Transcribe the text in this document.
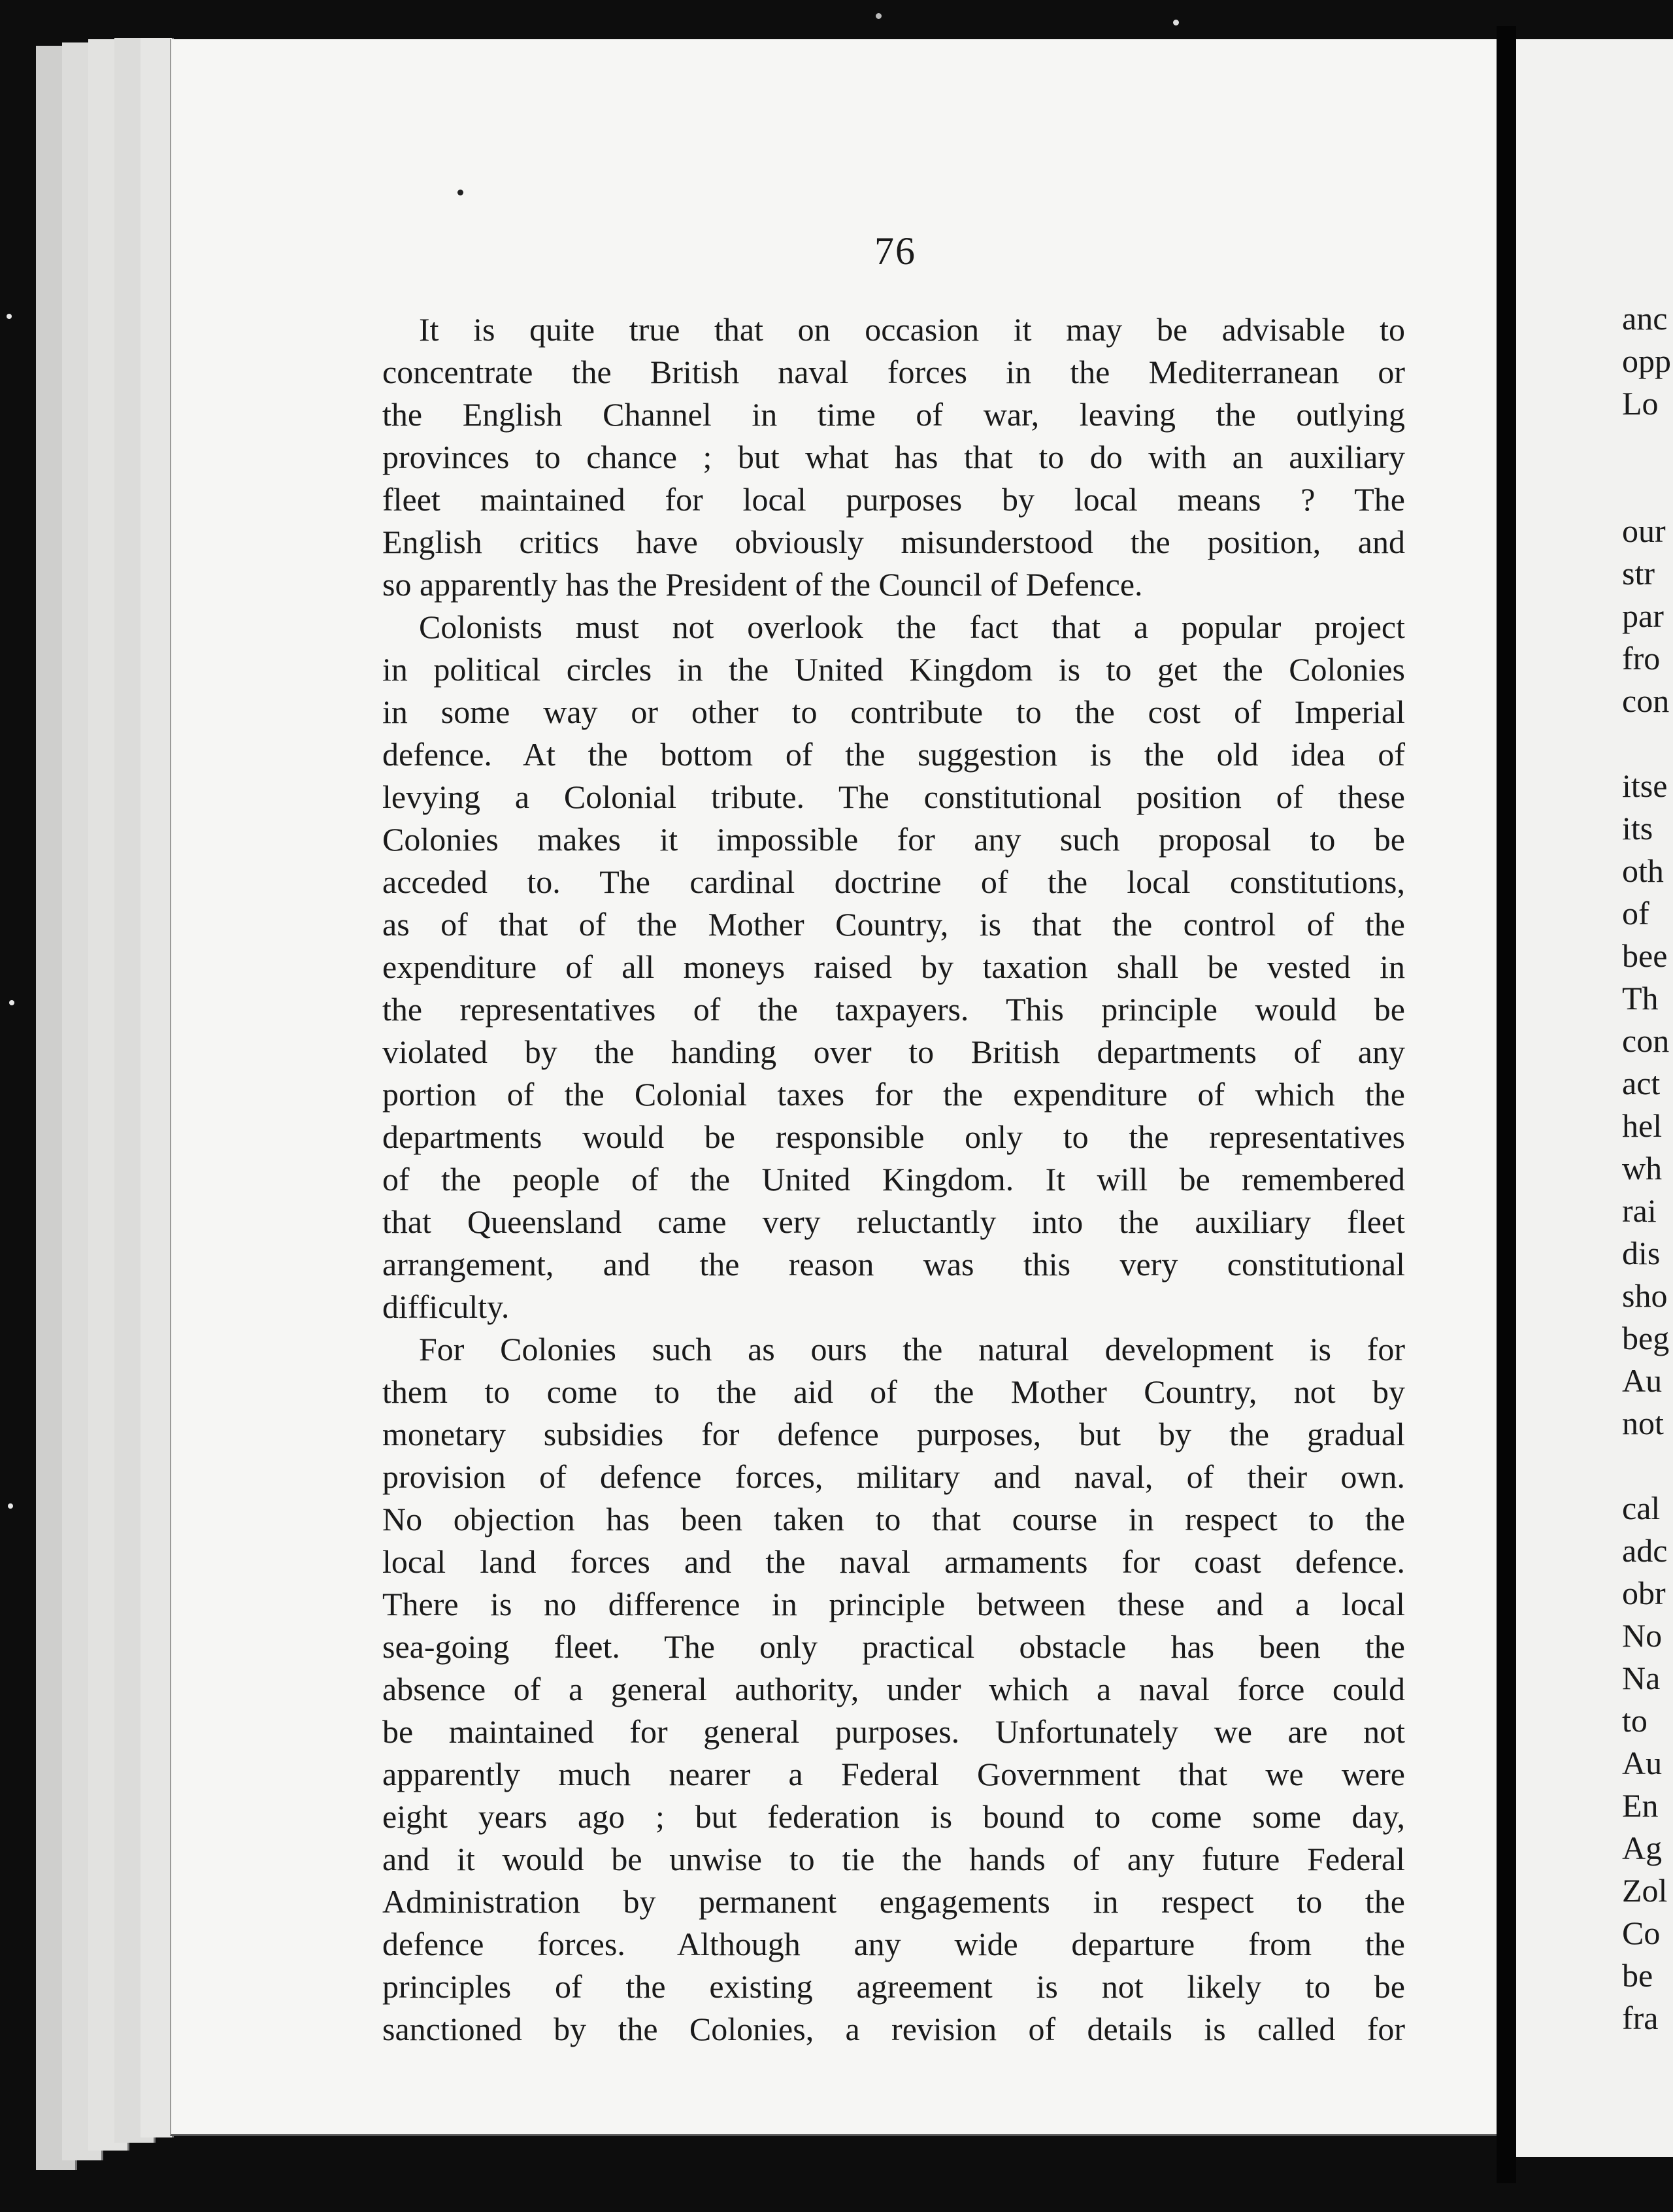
76
It is quite true that on occasion it may be advisable to
concentrate the British naval forces in the Mediterranean or
the English Channel in time of war, leaving the outlying
provinces to chance ; but what has that to do with an auxiliary
fleet maintained for local purposes by local means ? The
English critics have obviously misunderstood the position, and
so apparently has the President of the Council of Defence.
Colonists must not overlook the fact that a popular project
in political circles in the United Kingdom is to get the Colonies
in some way or other to contribute to the cost of Imperial
defence. At the bottom of the suggestion is the old idea of
levying a Colonial tribute. The constitutional position of these
Colonies makes it impossible for any such proposal to be
acceded to. The cardinal doctrine of the local constitutions,
as of that of the Mother Country, is that the control of the
expenditure of all moneys raised by taxation shall be vested in
the representatives of the taxpayers. This principle would be
violated by the handing over to British departments of any
portion of the Colonial taxes for the expenditure of which the
departments would be responsible only to the representatives
of the people of the United Kingdom. It will be remembered
that Queensland came very reluctantly into the auxiliary fleet
arrangement, and the reason was this very constitutional
difficulty.
For Colonies such as ours the natural development is for
them to come to the aid of the Mother Country, not by
monetary subsidies for defence purposes, but by the gradual
provision of defence forces, military and naval, of their own.
No objection has been taken to that course in respect to the
local land forces and the naval armaments for coast defence.
There is no difference in principle between these and a local
sea-going fleet. The only practical obstacle has been the
absence of a general authority, under which a naval force could
be maintained for general purposes. Unfortunately we are not
apparently much nearer a Federal Government that we were
eight years ago ; but federation is bound to come some day,
and it would be unwise to tie the hands of any future Federal
Administration by permanent engagements in respect to the
defence forces. Although any wide departure from the
principles of the existing agreement is not likely to be
sanctioned by the Colonies, a revision of details is called for
anc
opp
Lo
our
str
par
fro
con
itse
its
oth
of
bee
Th
con
act
hel
wh
rai
dis
sho
beg
Au
not
cal
adc
obr
No
Na
to
Au
En
Ag
Zol
Co
be
fra
